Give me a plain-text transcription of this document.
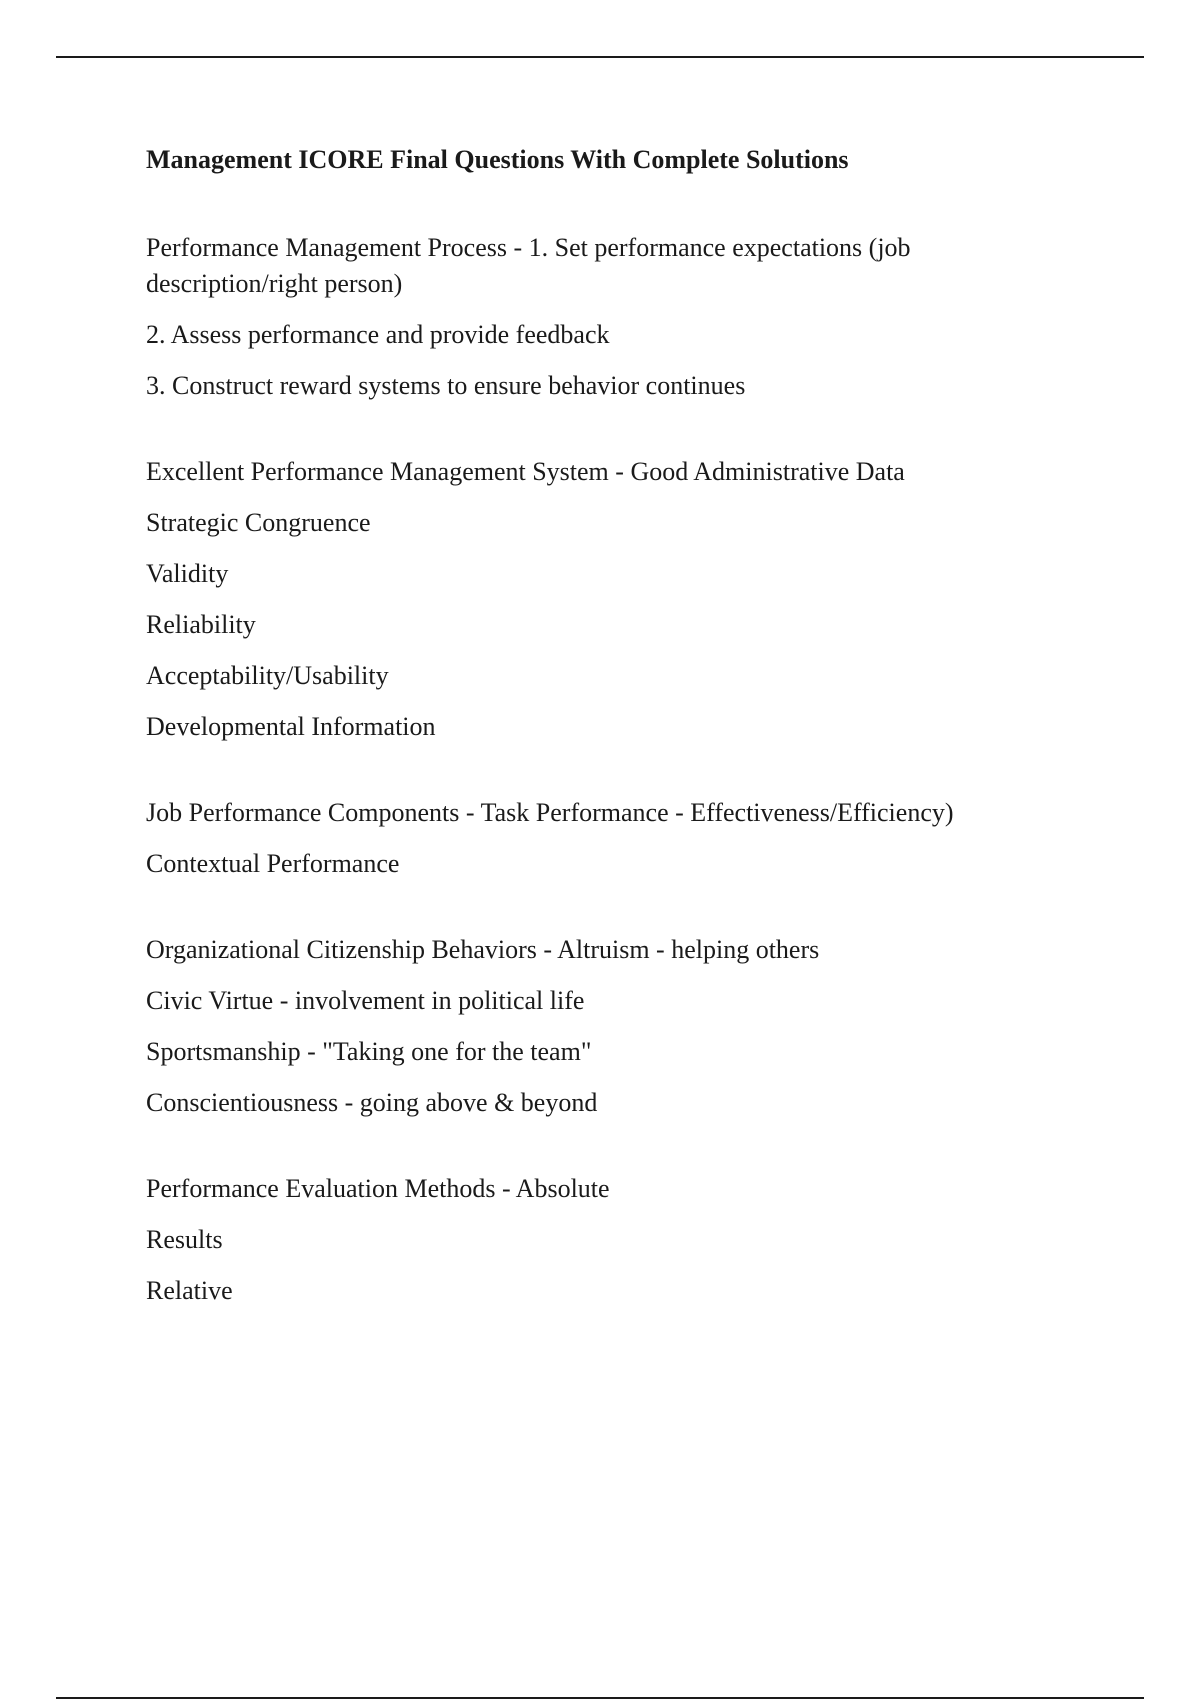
Management ICORE Final Questions With Complete Solutions
Performance Management Process - 1. Set performance expectations (job description/right person)
2. Assess performance and provide feedback
3. Construct reward systems to ensure behavior continues
Excellent Performance Management System - Good Administrative Data
Strategic Congruence
Validity
Reliability
Acceptability/Usability
Developmental Information
Job Performance Components - Task Performance - Effectiveness/Efficiency)
Contextual Performance
Organizational Citizenship Behaviors - Altruism - helping others
Civic Virtue - involvement in political life
Sportsmanship - "Taking one for the team"
Conscientiousness - going above & beyond
Performance Evaluation Methods - Absolute
Results
Relative
